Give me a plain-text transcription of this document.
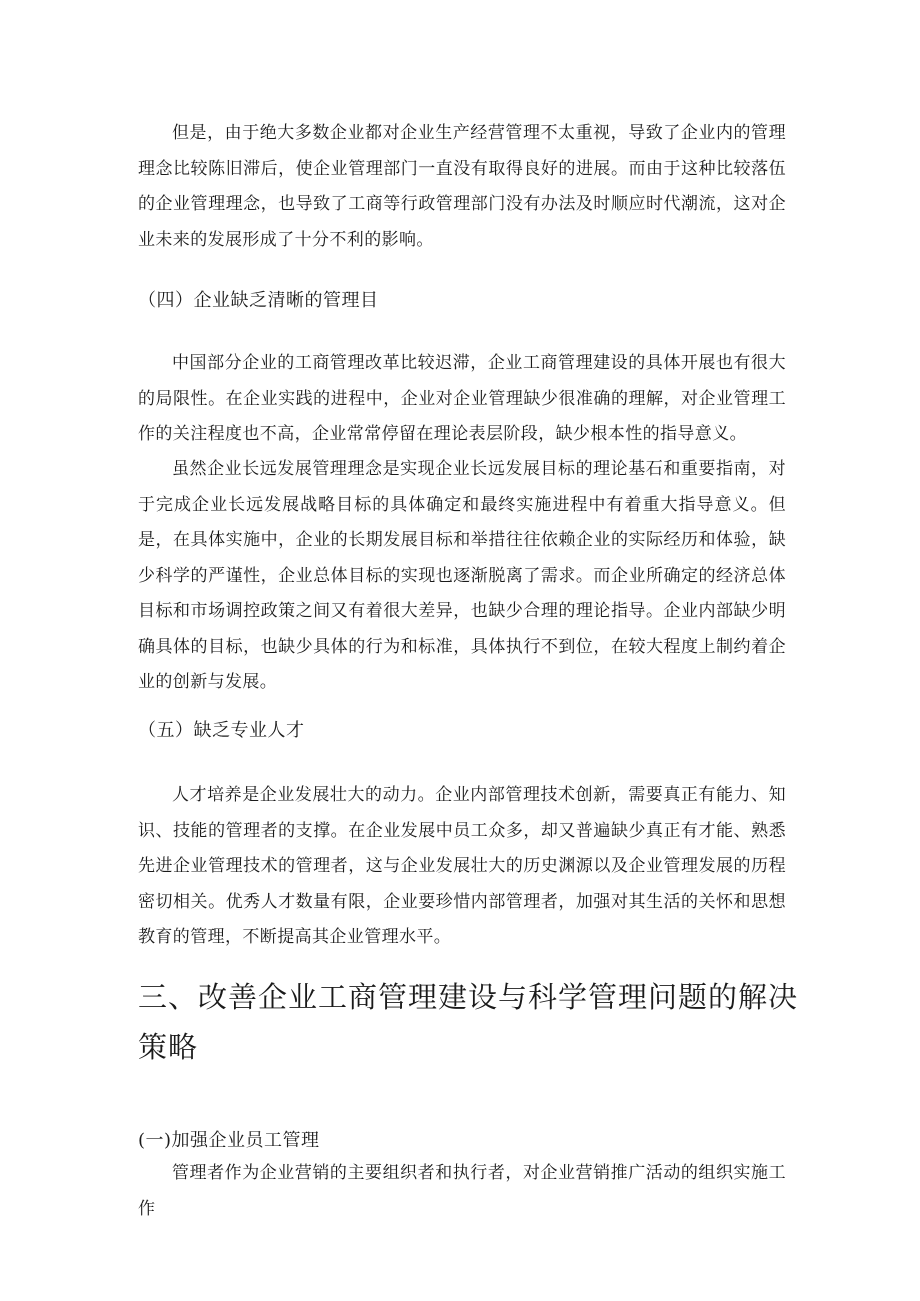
但是，由于绝大多数企业都对企业生产经营管理不太重视，导致了企业内的管理理念比较陈旧滞后，使企业管理部门一直没有取得良好的进展。而由于这种比较落伍的企业管理理念，也导致了工商等行政管理部门没有办法及时顺应时代潮流，这对企业未来的发展形成了十分不利的影响。

（四）企业缺乏清晰的管理目

中国部分企业的工商管理改革比较迟滞，企业工商管理建设的具体开展也有很大的局限性。在企业实践的进程中，企业对企业管理缺少很准确的理解，对企业管理工作的关注程度也不高，企业常常停留在理论表层阶段，缺少根本性的指导意义。

虽然企业长远发展管理理念是实现企业长远发展目标的理论基石和重要指南，对于完成企业长远发展战略目标的具体确定和最终实施进程中有着重大指导意义。但是，在具体实施中，企业的长期发展目标和举措往往依赖企业的实际经历和体验，缺少科学的严谨性，企业总体目标的实现也逐渐脱离了需求。而企业所确定的经济总体目标和市场调控政策之间又有着很大差异，也缺少合理的理论指导。企业内部缺少明确具体的目标，也缺少具体的行为和标准，具体执行不到位，在较大程度上制约着企业的创新与发展。

（五）缺乏专业人才

人才培养是企业发展壮大的动力。企业内部管理技术创新，需要真正有能力、知识、技能的管理者的支撑。在企业发展中员工众多，却又普遍缺少真正有才能、熟悉先进企业管理技术的管理者，这与企业发展壮大的历史渊源以及企业管理发展的历程密切相关。优秀人才数量有限，企业要珍惜内部管理者，加强对其生活的关怀和思想教育的管理，不断提高其企业管理水平。

三、改善企业工商管理建设与科学管理问题的解决策略

(一)加强企业员工管理

管理者作为企业营销的主要组织者和执行者，对企业营销推广活动的组织实施工作
